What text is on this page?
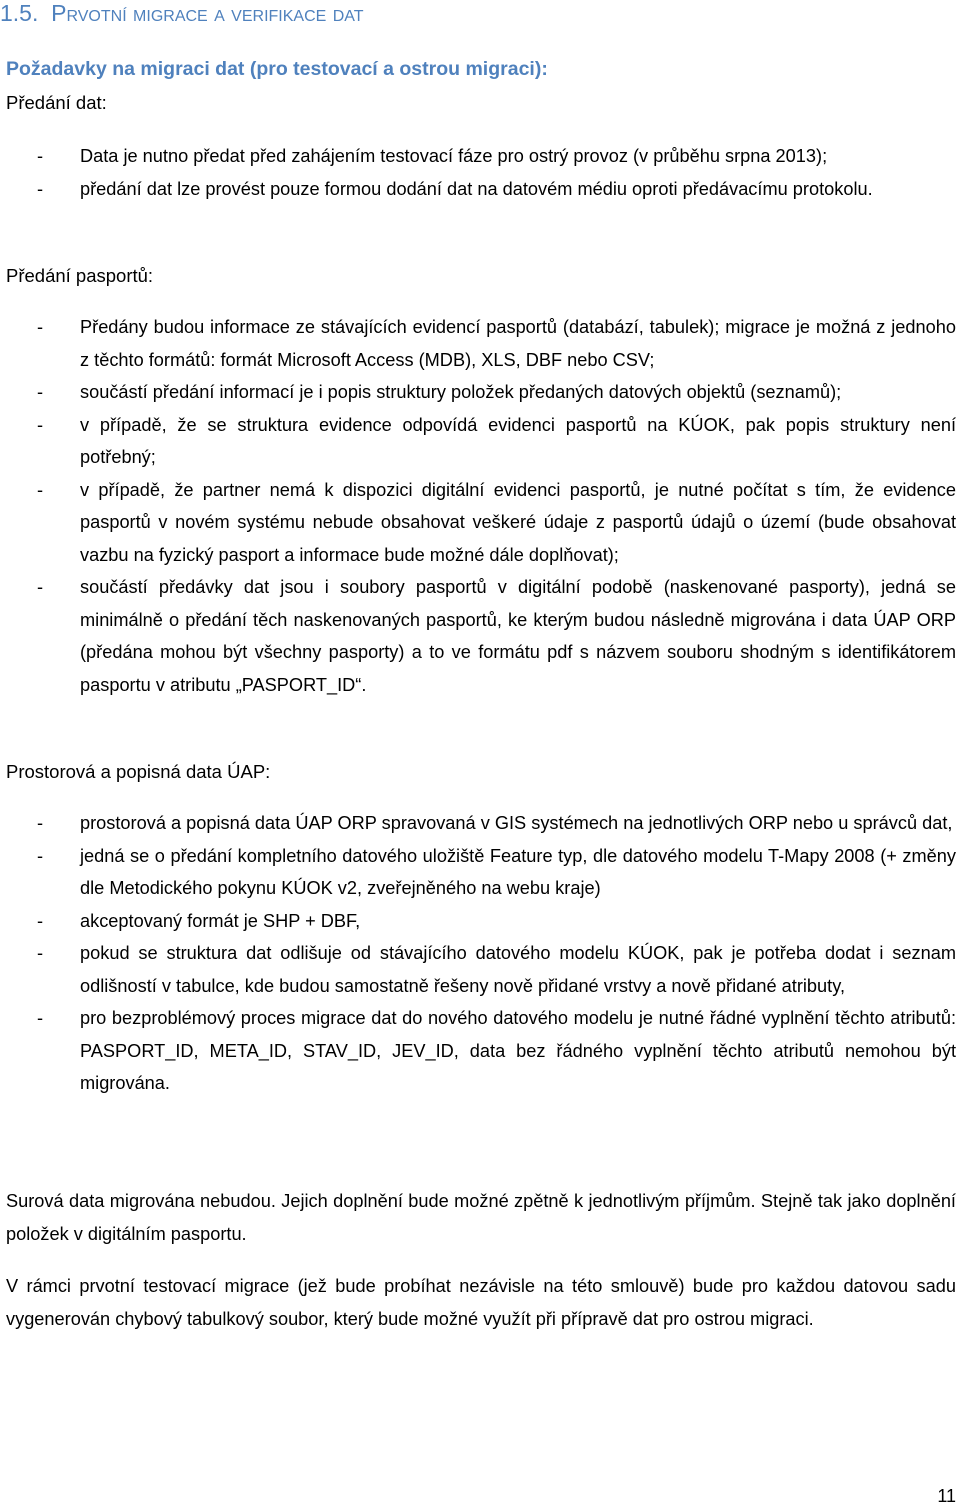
1.5. Prvotní migrace a verifikace dat
Požadavky na migraci dat (pro testovací a ostrou migraci):

Předání dat:

- Data je nutno předat před zahájením testovací fáze pro ostrý provoz (v průběhu srpna 2013);
- předání dat lze provést pouze formou dodání dat na datovém médiu oproti předávacímu protokolu.

Předání pasportů:

- Předány budou informace ze stávajících evidencí pasportů (databází, tabulek); migrace je možná z jednoho z těchto formátů: formát Microsoft Access (MDB), XLS, DBF nebo CSV;
- součástí předání informací je i popis struktury položek předaných datových objektů (seznamů);
- v případě, že se struktura evidence odpovídá evidenci pasportů na KÚOK, pak popis struktury není potřebný;
- v případě, že partner nemá k dispozici digitální evidenci pasportů, je nutné počítat s tím, že evidence pasportů v novém systému nebude obsahovat veškeré údaje z pasportů údajů o území (bude obsahovat vazbu na fyzický pasport a informace bude možné dále doplňovat);
- součástí předávky dat jsou i soubory pasportů v digitální podobě (naskenované pasporty), jedná se minimálně o předání těch naskenovaných pasportů, ke kterým budou následně migrována i data ÚAP ORP (předána mohou být všechny pasporty) a to ve formátu pdf s názvem souboru shodným s identifikátorem pasportu v atributu „PASPORT_ID“.

Prostorová a popisná data ÚAP:

- prostorová a popisná data ÚAP ORP spravovaná v GIS systémech na jednotlivých ORP nebo u správců dat,
- jedná se o předání kompletního datového uložiště Feature typ, dle datového modelu T-Mapy 2008 (+ změny dle Metodického pokynu KÚOK v2, zveřejněného na webu kraje)
- akceptovaný formát je SHP + DBF,
- pokud se struktura dat odlišuje od stávajícího datového modelu KÚOK, pak je potřeba dodat i seznam odlišností v tabulce, kde budou samostatně řešeny nově přidané vrstvy a nově přidané atributy,
- pro bezproblémový proces migrace dat do nového datového modelu je nutné řádné vyplnění těchto atributů: PASPORT_ID, META_ID, STAV_ID, JEV_ID, data bez řádného vyplnění těchto atributů nemohou být migrována.

Surová data migrována nebudou. Jejich doplnění bude možné zpětně k jednotlivým příjmům. Stejně tak jako doplnění položek v digitálním pasportu.

V rámci prvotní testovací migrace (jež bude probíhat nezávisle na této smlouvě) bude pro každou datovou sadu vygenerován chybový tabulkový soubor, který bude možné využít při přípravě dat pro ostrou migraci.

11
